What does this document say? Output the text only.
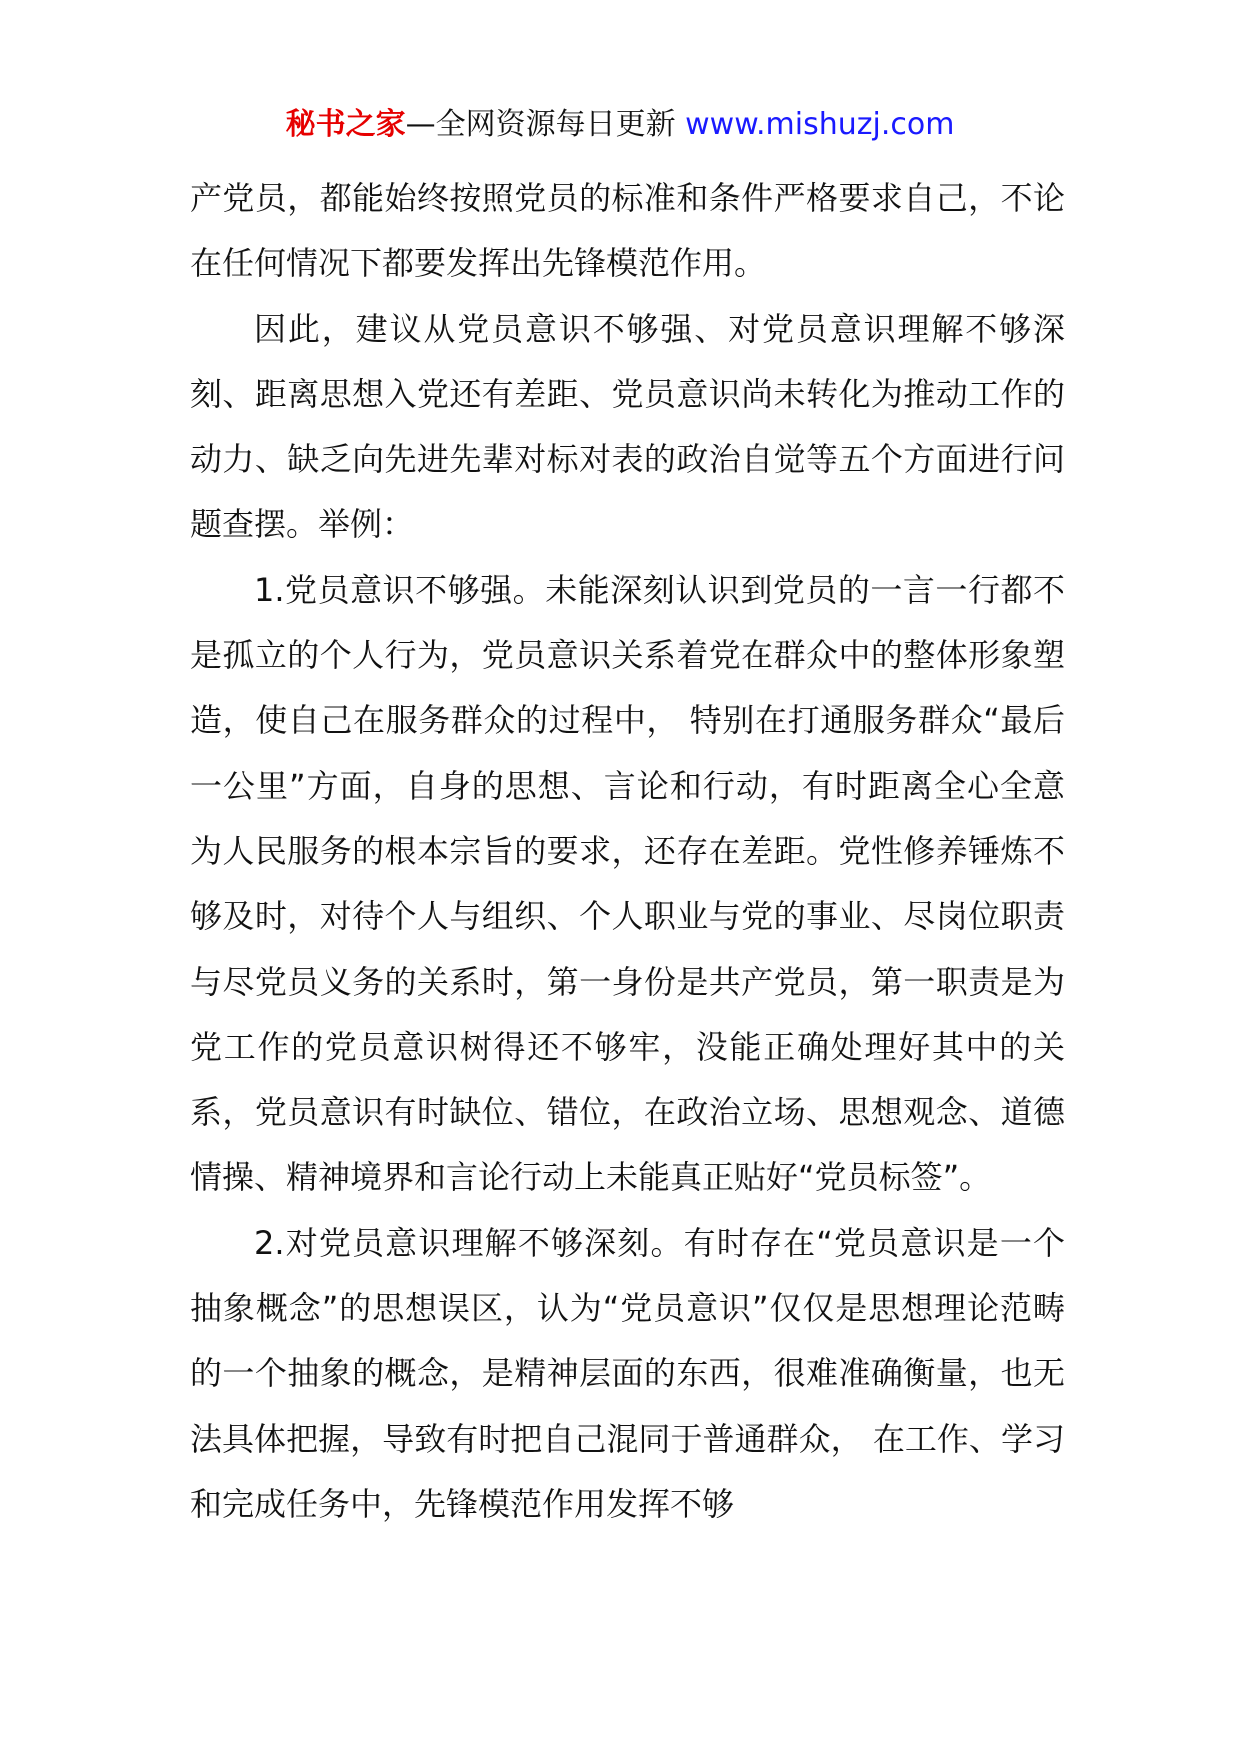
秘书之家—全网资源每日更新 www.mishuzj.com

产党员，都能始终按照党员的标准和条件严格要求自己，不论在任何情况下都要发挥出先锋模范作用。

因此，建议从党员意识不够强、对党员意识理解不够深刻、距离思想入党还有差距、党员意识尚未转化为推动工作的动力、缺乏向先进先辈对标对表的政治自觉等五个方面进行问题查摆。举例：

1.党员意识不够强。未能深刻认识到党员的一言一行都不是孤立的个人行为，党员意识关系着党在群众中的整体形象塑造，使自己在服务群众的过程中， 特别在打通服务群众“最后一公里”方面，自身的思想、言论和行动，有时距离全心全意为人民服务的根本宗旨的要求，还存在差距。党性修养锤炼不够及时，对待个人与组织、个人职业与党的事业、尽岗位职责与尽党员义务的关系时，第一身份是共产党员，第一职责是为党工作的党员意识树得还不够牢，没能正确处理好其中的关系，党员意识有时缺位、错位，在政治立场、思想观念、道德情操、精神境界和言论行动上未能真正贴好“党员标签”。

2.对党员意识理解不够深刻。有时存在“党员意识是一个抽象概念”的思想误区，认为“党员意识”仅仅是思想理论范畴的一个抽象的概念，是精神层面的东西，很难准确衡量，也无法具体把握，导致有时把自己混同于普通群众， 在工作、学习和完成任务中，先锋模范作用发挥不够
